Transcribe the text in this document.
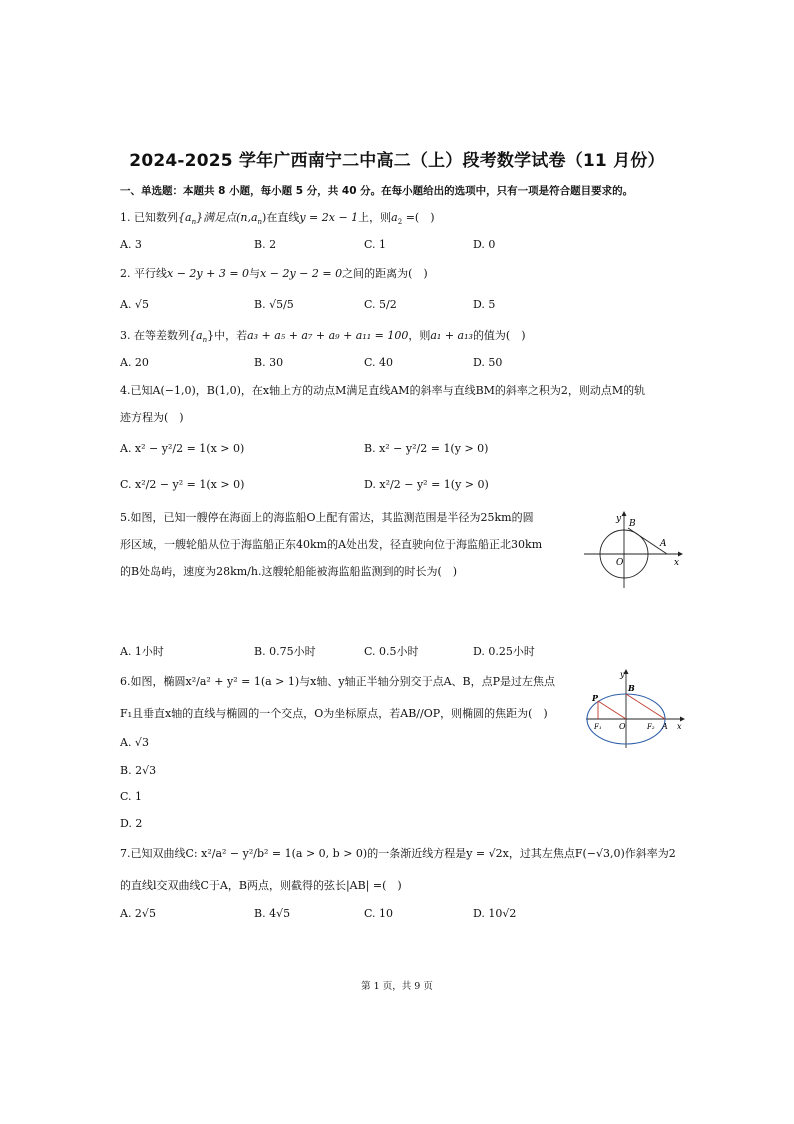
2024-2025 学年广西南宁二中高二（上）段考数学试卷（11 月份）
一、单选题：本题共 8 小题，每小题 5 分，共 40 分。在每小题给出的选项中，只有一项是符合题目要求的。
1. 已知数列$\{a_n\}$满足点$(n,a_n)$在直线y = 2x − 1上，则$a_2$ =(　)
A. 3	B. 2	C. 1	D. 0
2. 平行线x − 2y + 3 = 0与x − 2y − 2 = 0之间的距离为(　)
A. √5	B. √5/5	C. 5/2	D. 5
3. 在等差数列$\{a_n\}$中，若a₃ + a₅ + a₇ + a₉ + a₁₁ = 100，则a₁ + a₁₃的值为(　)
A. 20	B. 30	C. 40	D. 50
4.已知A(−1,0)，B(1,0)，在x轴上方的动点M满足直线AM的斜率与直线BM的斜率之积为2，则动点M的轨
迹方程为(　)
A. x² − y²/2 = 1(x > 0)	B. x² − y²/2 = 1(y > 0)
C. x²/2 − y² = 1(x > 0)	D. x²/2 − y² = 1(y > 0)
5.如图，已知一艘停在海面上的海监船O上配有雷达，其监测范围是半径为25km的圆
形区域，一艘轮船从位于海监船正东40km的A处出发，径直驶向位于海监船正北30km
的B处岛屿，速度为28km/h.这艘轮船能被海监船监测到的时长为(　)
y B
A
O	x
A. 1小时	B. 0.75小时	C. 0.5小时	D. 0.25小时
6.如图，椭圆x²/a² + y² = 1(a > 1)与x轴、y轴正半轴分别交于点A、B，点P是过左焦点
F₁且垂直x轴的直线与椭圆的一个交点，O为坐标原点，若AB//OP，则椭圆的焦距为(　)
y
B
P
F₁ O	F₂ A x
A. √3
B. 2√3
C. 1
D. 2
7.已知双曲线C: x²/a² − y²/b² = 1(a > 0, b > 0)的一条渐近线方程是y = √2x，过其左焦点F(−√3,0)作斜率为2
的直线l交双曲线C于A，B两点，则截得的弦长|AB| =(　)
A. 2√5	B. 4√5	C. 10	D. 10√2
第 1 页，共 9 页
